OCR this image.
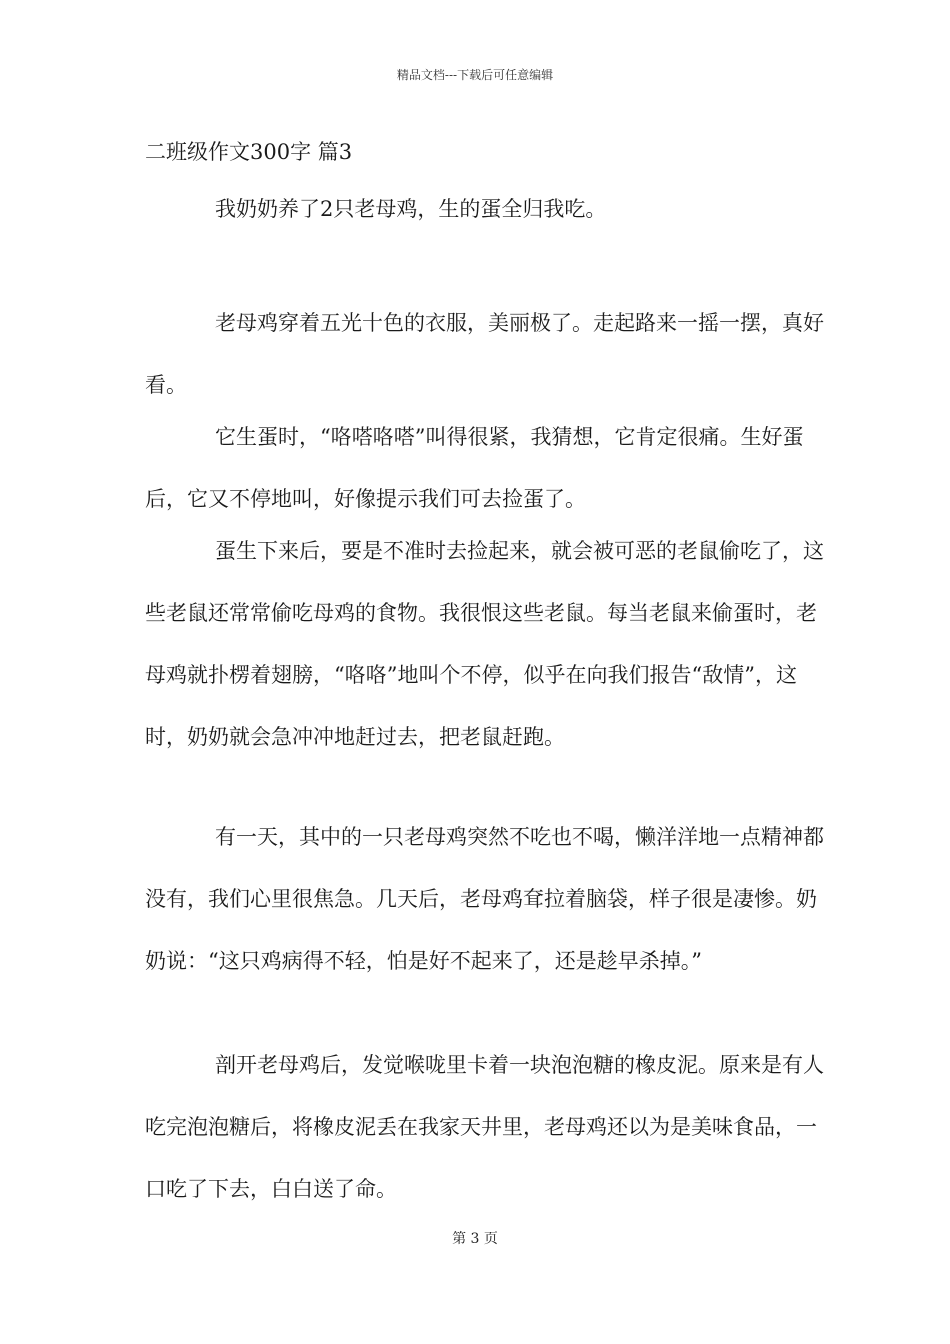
精品文档---下载后可任意编辑
二班级作文300字 篇3

我奶奶养了2只老母鸡，生的蛋全归我吃。

老母鸡穿着五光十色的衣服，美丽极了。走起路来一摇一摆，真好看。

它生蛋时，“咯嗒咯嗒”叫得很紧，我猜想，它肯定很痛。生好蛋后，它又不停地叫，好像提示我们可去捡蛋了。

蛋生下来后，要是不准时去捡起来，就会被可恶的老鼠偷吃了，这些老鼠还常常偷吃母鸡的食物。我很恨这些老鼠。每当老鼠来偷蛋时，老母鸡就扑楞着翅膀，“咯咯”地叫个不停，似乎在向我们报告“敌情”，这时，奶奶就会急冲冲地赶过去，把老鼠赶跑。

有一天，其中的一只老母鸡突然不吃也不喝，懒洋洋地一点精神都没有，我们心里很焦急。几天后，老母鸡耷拉着脑袋，样子很是凄惨。奶奶说：“这只鸡病得不轻，怕是好不起来了，还是趁早杀掉。”

剖开老母鸡后，发觉喉咙里卡着一块泡泡糖的橡皮泥。原来是有人吃完泡泡糖后，将橡皮泥丢在我家天井里，老母鸡还以为是美味食品，一口吃了下去，白白送了命。

第 3 页
